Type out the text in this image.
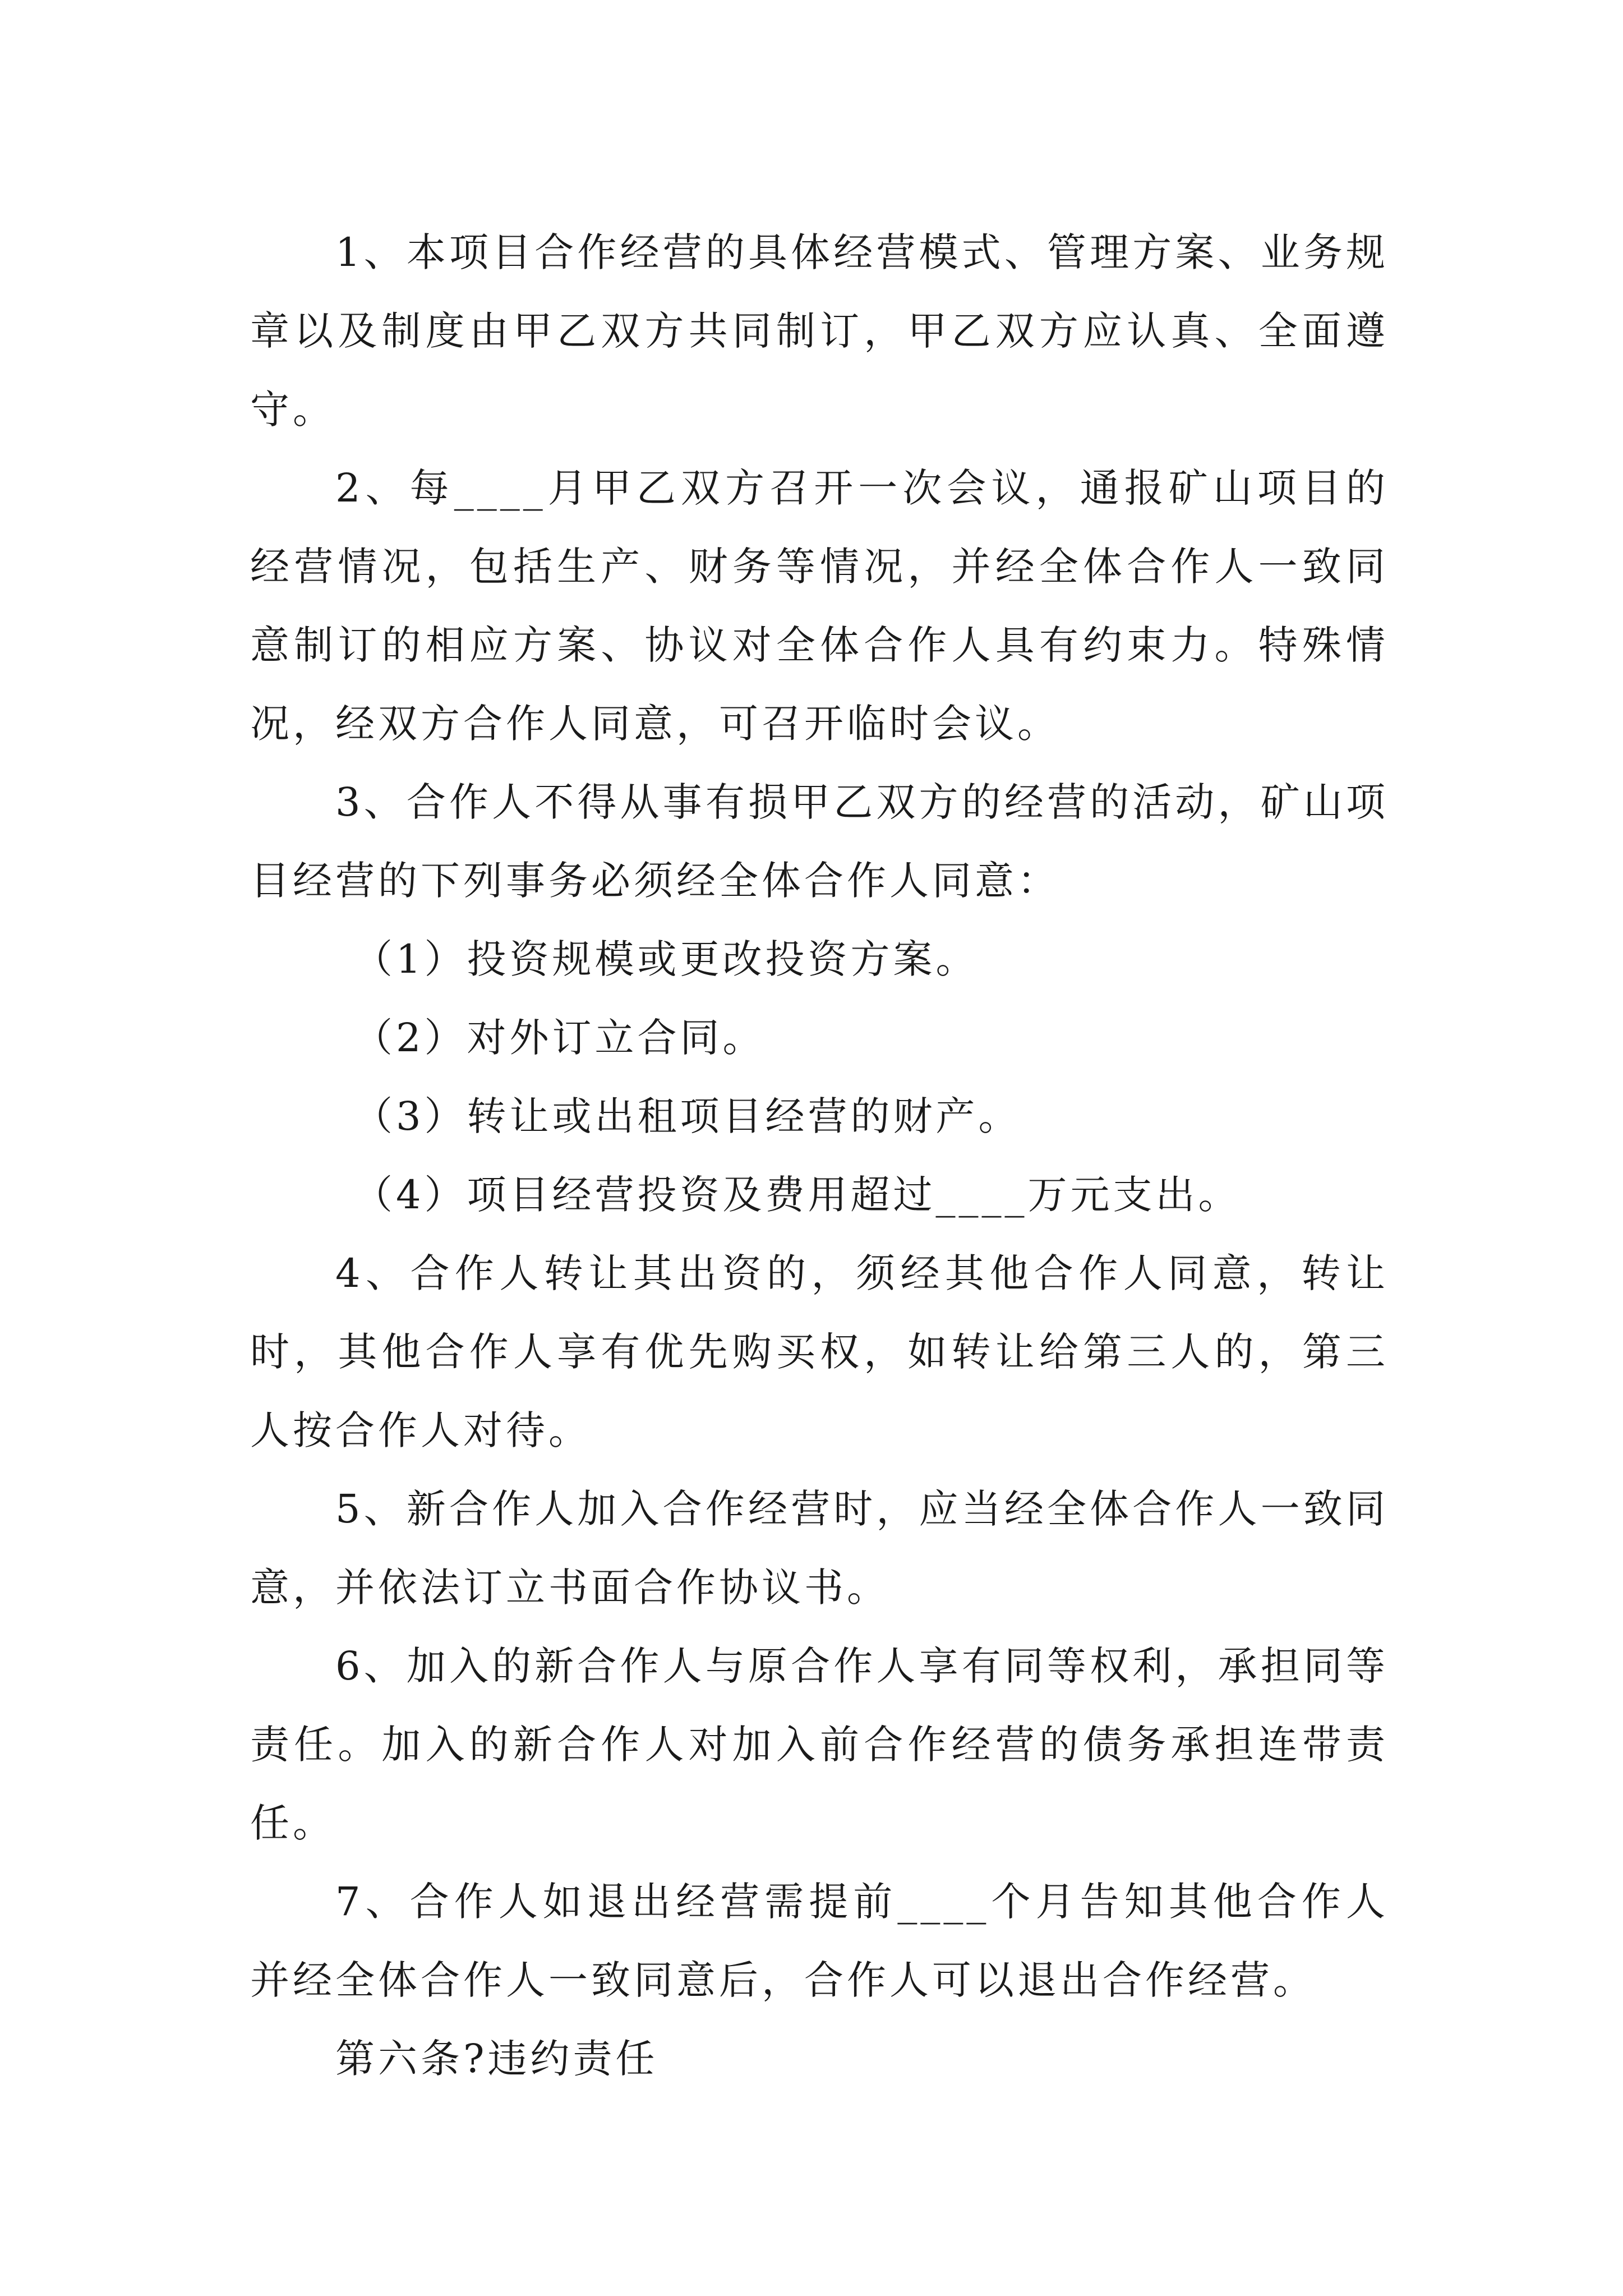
1、本项目合作经营的具体经营模式、管理方案、业务规章以及制度由甲乙双方共同制订，甲乙双方应认真、全面遵守。

2、每____月甲乙双方召开一次会议，通报矿山项目的经营情况，包括生产、财务等情况，并经全体合作人一致同意制订的相应方案、协议对全体合作人具有约束力。特殊情况，经双方合作人同意，可召开临时会议。

3、合作人不得从事有损甲乙双方的经营的活动，矿山项目经营的下列事务必须经全体合作人同意：

（1）投资规模或更改投资方案。

（2）对外订立合同。

（3）转让或出租项目经营的财产。

（4）项目经营投资及费用超过____万元支出。

4、合作人转让其出资的，须经其他合作人同意，转让时，其他合作人享有优先购买权，如转让给第三人的，第三人按合作人对待。

5、新合作人加入合作经营时，应当经全体合作人一致同意，并依法订立书面合作协议书。

6、加入的新合作人与原合作人享有同等权利，承担同等责任。加入的新合作人对加入前合作经营的债务承担连带责任。

7、合作人如退出经营需提前____个月告知其他合作人并经全体合作人一致同意后，合作人可以退出合作经营。

第六条?违约责任
